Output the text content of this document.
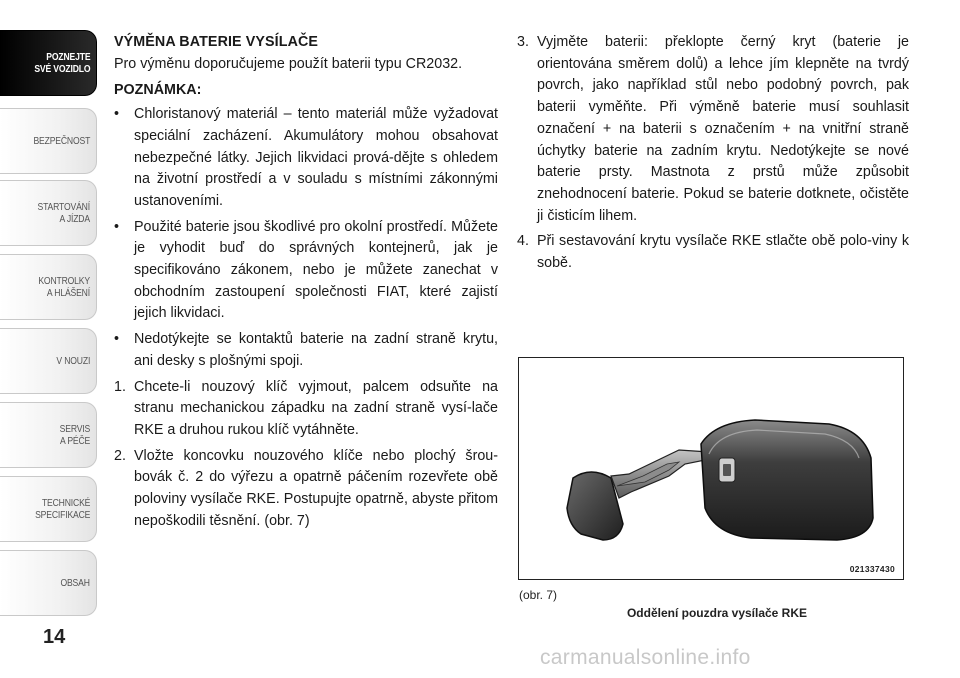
POZNEJTE
SVÉ VOZIDLO
BEZPEČNOST
STARTOVÁNÍ
A JÍZDA
KONTROLKY
A HLÁŠENÍ
V NOUZI
SERVIS
A PÉČE
TECHNICKÉ
SPECIFIKACE
OBSAH
14

VÝMĚNA BATERIE VYSÍLAČE

Pro výměnu doporučujeme použít baterii typu CR2032.

POZNÁMKA:

• Chloristanový materiál – tento materiál může vyžadovat speciální zacházení. Akumulátory mohou obsahovat nebezpečné látky. Jejich likvidaci prová-dějte s ohledem na životní prostředí a v souladu s místními zákonnými ustanoveními.
• Použité baterie jsou škodlivé pro okolní prostředí. Můžete je vyhodit buď do správných kontejnerů, jak je specifikováno zákonem, nebo je můžete zanechat v obchodním zastoupení společnosti FIAT, které zajistí jejich likvidaci.
• Nedotýkejte se kontaktů baterie na zadní straně krytu, ani desky s plošnými spoji.
1. Chcete-li nouzový klíč vyjmout, palcem odsuňte na stranu mechanickou západku na zadní straně vysí-lače RKE a druhou rukou klíč vytáhněte.
2. Vložte koncovku nouzového klíče nebo plochý šrou-bovák č. 2 do výřezu a opatrně páčením rozevřete obě poloviny vysílače RKE. Postupujte opatrně, abyste přitom nepoškodili těsnění. (obr. 7)
3. Vyjměte baterii: překlopte černý kryt (baterie je orientována směrem dolů) a lehce jím klepněte na tvrdý povrch, jako například stůl nebo podobný povrch, pak baterii vyměňte. Při výměně baterie musí souhlasit označení + na baterii s označením + na vnitřní straně úchytky baterie na zadním krytu. Nedotýkejte se nové baterie prsty. Mastnota z prstů může způsobit znehodnocení baterie. Pokud se baterie dotknete, očistěte ji čisticím lihem.
4. Při sestavování krytu vysílače RKE stlačte obě polo-viny k sobě.
021337430
(obr. 7)
Oddělení pouzdra vysílače RKE
carmanualsonline.info
